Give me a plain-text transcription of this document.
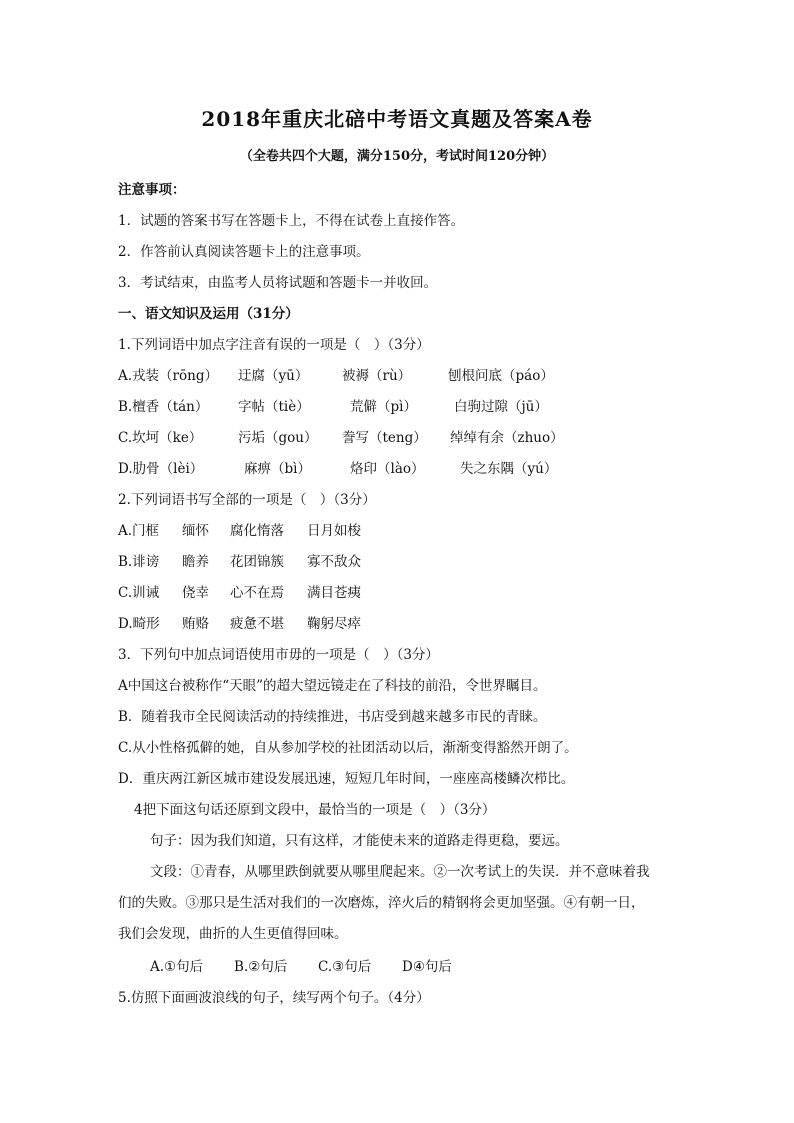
2018年重庆北碚中考语文真题及答案A卷
（全卷共四个大题，满分150分，考试时间120分钟）
注意事项：
1．试题的答案书写在答题卡上，不得在试卷上直接作答。
2．作答前认真阅读答题卡上的注意事项。
3．考试结束，由监考人员将试题和答题卡一并收回。
一、语文知识及运用（31分）
1.下列词语中加点字注音有误的一项是（　）（3分）
A.戎装（rōng） 迂腐（yū） 被褥（rù）	刨根问底（páo）
B.檀香（tán） 字帖（tiè）	荒僻（pì）	白驹过隙（jū）
C.坎坷（ke）	污垢（gou） 誊写（teng） 绰绰有余（zhuo）
D.肋骨（lèi）	麻痹（bì）	烙印（lào）	失之东隅（yú）
2.下列词语书写全部的一项是（　）（3分）
A.门框 缅怀 腐化惰落 日月如梭
B.诽谤 瞻养 花团锦簇 寡不敌众
C.训诫 侥幸 心不在焉 满目苍痍
D.畸形 贿赂 疲惫不堪 鞠躬尽瘁
3．下列句中加点词语使用市毋的一项是（　）（3分）
A中国这台被称作“天眼”的超大望远镜走在了科技的前沿，令世界瞩目。
B．随着我市全民阅读活动的持续推进，书店受到越来越多市民的青睐。
C.从小性格孤僻的她，自从参加学校的社团活动以后，渐渐变得豁然开朗了。
D．重庆两江新区城市建设发展迅速，短短几年时间，一座座高楼鳞次栉比。
4把下面这句话还原到文段中，最恰当的一项是（　）（3分）
句子：因为我们知道，只有这样，才能使未来的道路走得更稳，要远。
文段：①青春，从哪里跌倒就要从哪里爬起来。②一次考试上的失误．并不意味着我
们的失败。③那只是生活对我们的一次磨炼，淬火后的精钢将会更加坚强。④有朝一日，
我们会发现，曲折的人生更值得回味。
A.①句后 B.②句后 C.③句后 D④句后
5.仿照下面画波浪线的句子，续写两个句子。（4分）
